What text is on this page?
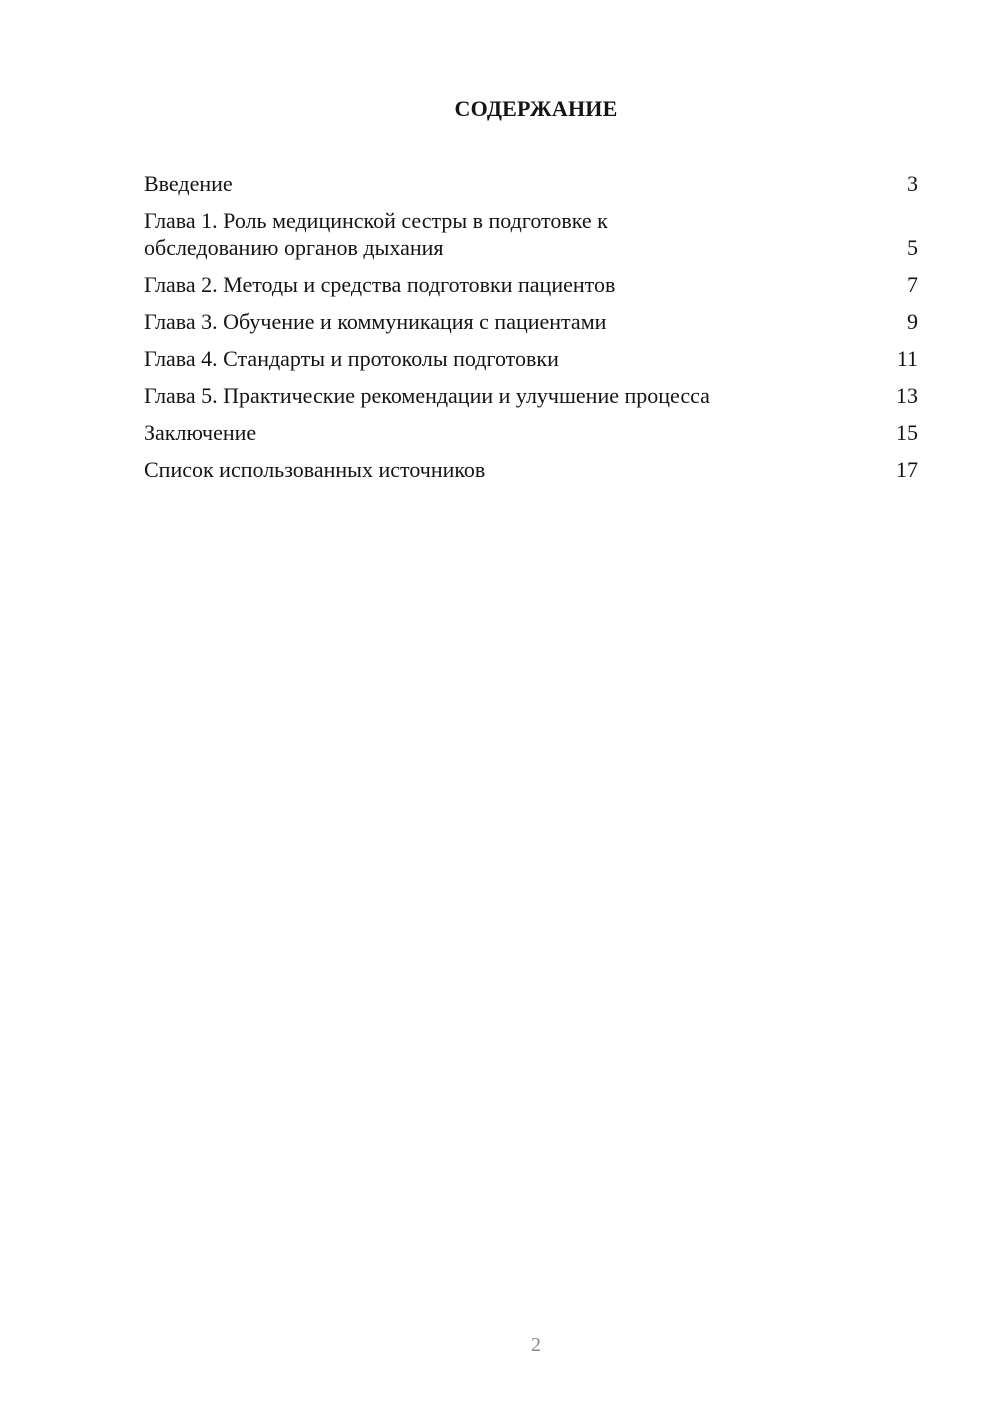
СОДЕРЖАНИЕ
Введение	3
Глава 1. Роль медицинской сестры в подготовке к обследованию органов дыхания	5
Глава 2. Методы и средства подготовки пациентов	7
Глава 3. Обучение и коммуникация с пациентами	9
Глава 4. Стандарты и протоколы подготовки	11
Глава 5. Практические рекомендации и улучшение процесса	13
Заключение	15
Список использованных источников	17
2
